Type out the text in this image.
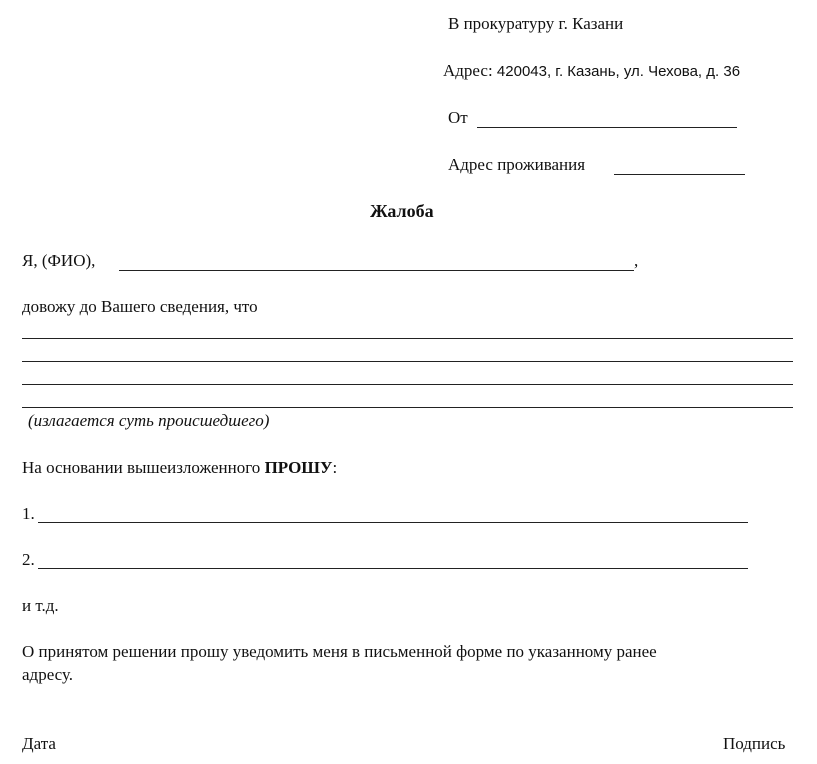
В прокуратуру г. Казани
Адрес: 420043, г. Казань, ул. Чехова, д. 36
От
Адрес проживания
Жалоба
Я, (ФИО),	,
довожу до Вашего сведения, что
(излагается суть происшедшего)
На основании вышеизложенного ПРОШУ:
1.
2.
и т.д.
О принятом решении прошу уведомить меня в письменной форме по указанному ранее
адресу.
Дата	Подпись
